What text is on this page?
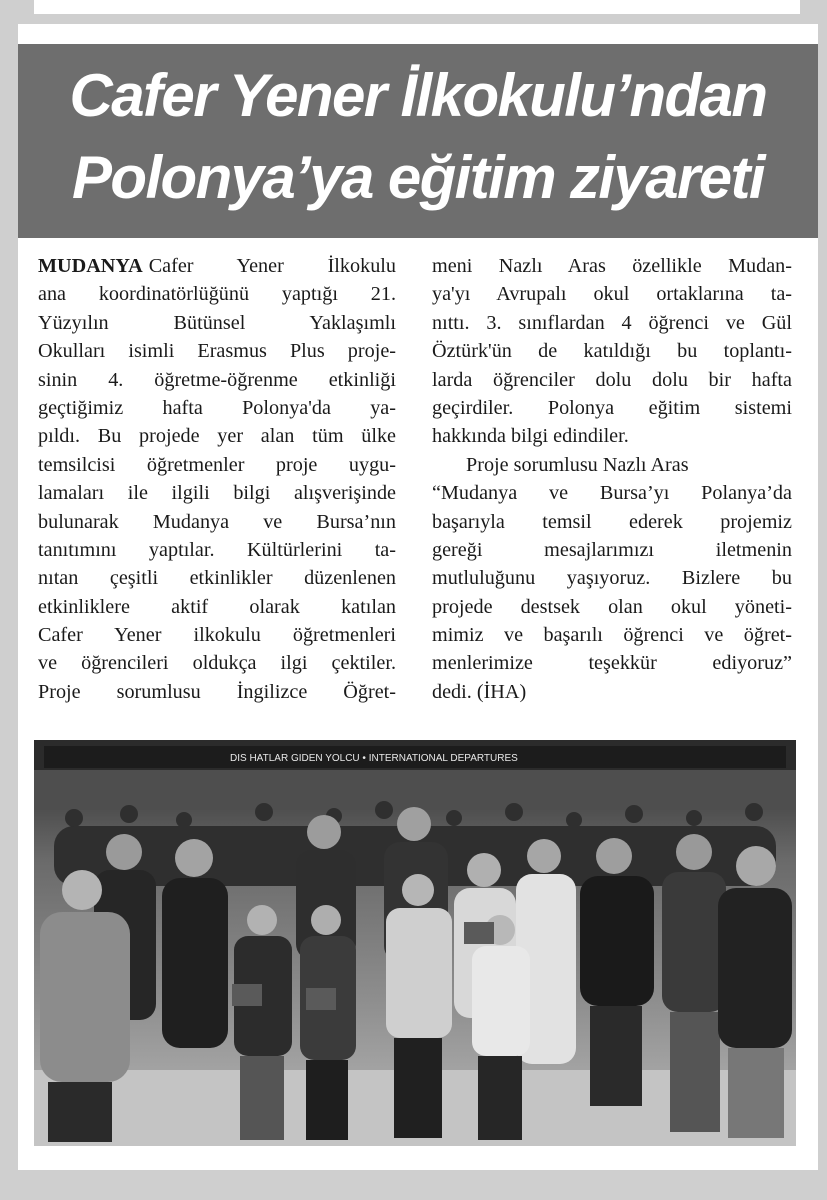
Cafer Yener İlkokulu’ndan
Polonya’ya eğitim ziyareti
MUDANYA Cafer Yener İlkokulu
ana koordinatörlüğünü yaptığı 21.
Yüzyılın Bütünsel Yaklaşımlı
Okulları isimli Erasmus Plus proje-
sinin 4. öğretme-öğrenme etkinliği
geçtiğimiz hafta Polonya'da ya-
pıldı. Bu projede yer alan tüm ülke
temsilcisi öğretmenler proje uygu-
lamaları ile ilgili bilgi alışverişinde
bulunarak Mudanya ve Bursa’nın
tanıtımını yaptılar. Kültürlerini ta-
nıtan çeşitli etkinlikler düzenlenen
etkinliklere aktif olarak katılan
Cafer Yener ilkokulu öğretmenleri
ve öğrencileri oldukça ilgi çektiler.
Proje sorumlusu İngilizce Öğret-
meni Nazlı Aras özellikle Mudan-
ya'yı Avrupalı okul ortaklarına ta-
nıttı. 3. sınıflardan 4 öğrenci ve Gül
Öztürk'ün de katıldığı bu toplantı-
larda öğrenciler dolu dolu bir hafta
geçirdiler. Polonya eğitim sistemi
hakkında bilgi edindiler.
Proje sorumlusu Nazlı Aras
“Mudanya ve Bursa’yı Polanya’da
başarıyla temsil ederek projemiz
gereği mesajlarımızı iletmenin
mutluluğunu yaşıyoruz. Bizlere bu
projede destsek olan okul yöneti-
mimiz ve başarılı öğrenci ve öğret-
menlerimize teşekkür ediyoruz”
dedi. (İHA)
DIS HATLAR GIDEN YOLCU • INTERNATIONAL DEPARTURES
